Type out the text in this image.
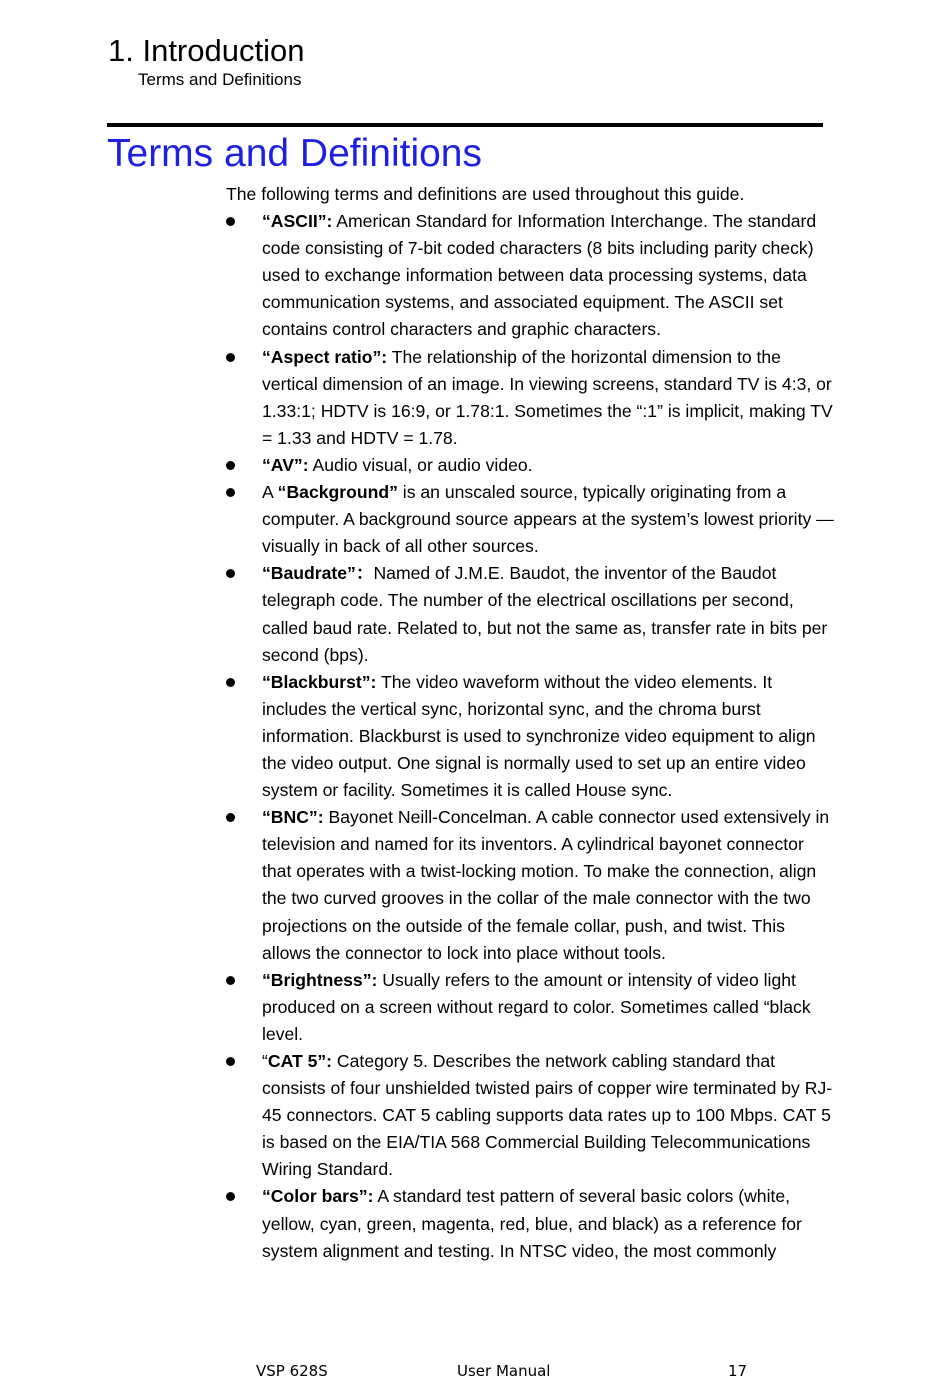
1. Introduction
Terms and Definitions
Terms and Definitions

The following terms and definitions are used throughout this guide.

“ASCII”: American Standard for Information Interchange. The standard code consisting of 7-bit coded characters (8 bits including parity check) used to exchange information between data processing systems, data communication systems, and associated equipment. The ASCII set contains control characters and graphic characters.
“Aspect ratio”: The relationship of the horizontal dimension to the vertical dimension of an image. In viewing screens, standard TV is 4:3, or 1.33:1; HDTV is 16:9, or 1.78:1. Sometimes the “:1” is implicit, making TV = 1.33 and HDTV = 1.78.
“AV”: Audio visual, or audio video.
A “Background” is an unscaled source, typically originating from a computer. A background source appears at the system’s lowest priority — visually in back of all other sources.
“Baudrate”：Named of J.M.E. Baudot, the inventor of the Baudot telegraph code. The number of the electrical oscillations per second, called baud rate. Related to, but not the same as, transfer rate in bits per second (bps).
“Blackburst”: The video waveform without the video elements. It includes the vertical sync, horizontal sync, and the chroma burst information. Blackburst is used to synchronize video equipment to align the video output. One signal is normally used to set up an entire video system or facility. Sometimes it is called House sync.
“BNC”: Bayonet Neill-Concelman. A cable connector used extensively in television and named for its inventors. A cylindrical bayonet connector that operates with a twist-locking motion. To make the connection, align the two curved grooves in the collar of the male connector with the two projections on the outside of the female collar, push, and twist. This allows the connector to lock into place without tools.
“Brightness”: Usually refers to the amount or intensity of video light produced on a screen without regard to color. Sometimes called “black level.
“CAT 5”: Category 5. Describes the network cabling standard that consists of four unshielded twisted pairs of copper wire terminated by RJ-45 connectors. CAT 5 cabling supports data rates up to 100 Mbps. CAT 5 is based on the EIA/TIA 568 Commercial Building Telecommunications Wiring Standard.
“Color bars”: A standard test pattern of several basic colors (white, yellow, cyan, green, magenta, red, blue, and black) as a reference for system alignment and testing. In NTSC video, the most commonly
VSP 628S	User Manual	17
